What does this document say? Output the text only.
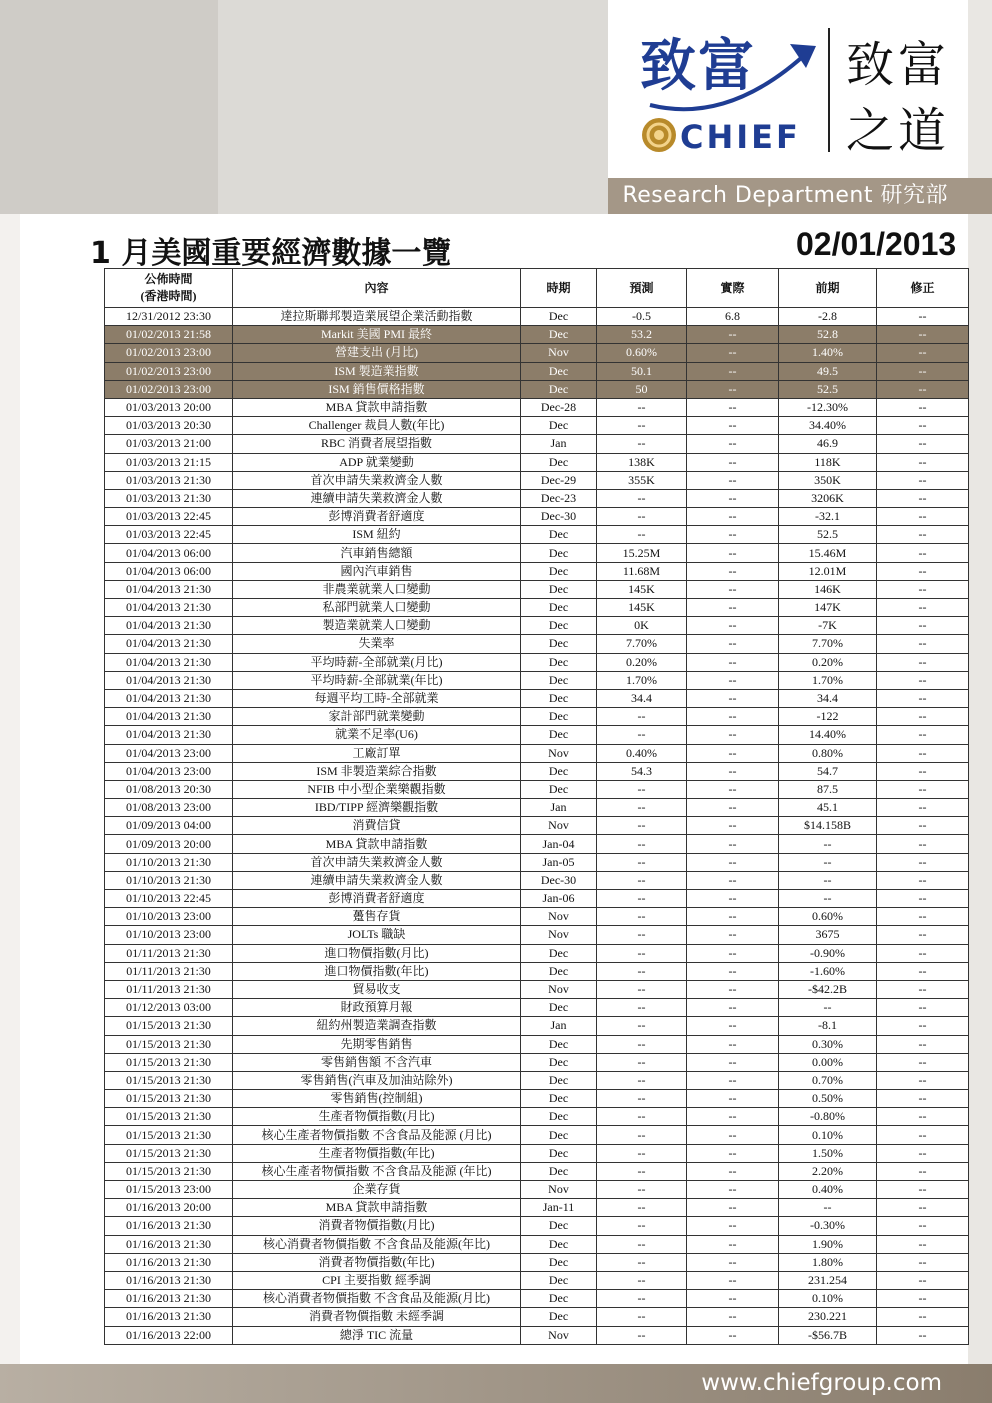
致富
CHIEF
致富
之道
Research Department 研究部
1 月美國重要經濟數據一覽	02/01/2013
公佈時間
(香港時間)	內容	時期	預測	實際	前期	修正
12/31/2012 23:30	達拉斯聯邦製造業展望企業活動指數	Dec	-0.5	6.8	-2.8	--
01/02/2013 21:58	Markit 美國 PMI 最終	Dec	53.2	--	52.8	--
01/02/2013 23:00	營建支出 (月比)	Nov	0.60%	--	1.40%	--
01/02/2013 23:00	ISM 製造業指數	Dec	50.1	--	49.5	--
01/02/2013 23:00	ISM 銷售價格指數	Dec	50	--	52.5	--
01/03/2013 20:00	MBA 貸款申請指數	Dec-28	--	--	-12.30%	--
01/03/2013 20:30	Challenger 裁員人數(年比)	Dec	--	--	34.40%	--
01/03/2013 21:00	RBC 消費者展望指數	Jan	--	--	46.9	--
01/03/2013 21:15	ADP 就業變動	Dec	138K	--	118K	--
01/03/2013 21:30	首次申請失業救濟金人數	Dec-29	355K	--	350K	--
01/03/2013 21:30	連續申請失業救濟金人數	Dec-23	--	--	3206K	--
01/03/2013 22:45	彭博消費者舒適度	Dec-30	--	--	-32.1	--
01/03/2013 22:45	ISM 紐約	Dec	--	--	52.5	--
01/04/2013 06:00	汽車銷售總額	Dec	15.25M	--	15.46M	--
01/04/2013 06:00	國內汽車銷售	Dec	11.68M	--	12.01M	--
01/04/2013 21:30	非農業就業人口變動	Dec	145K	--	146K	--
01/04/2013 21:30	私部門就業人口變動	Dec	145K	--	147K	--
01/04/2013 21:30	製造業就業人口變動	Dec	0K	--	-7K	--
01/04/2013 21:30	失業率	Dec	7.70%	--	7.70%	--
01/04/2013 21:30	平均時薪-全部就業(月比)	Dec	0.20%	--	0.20%	--
01/04/2013 21:30	平均時薪-全部就業(年比)	Dec	1.70%	--	1.70%	--
01/04/2013 21:30	每週平均工時-全部就業	Dec	34.4	--	34.4	--
01/04/2013 21:30	家計部門就業變動	Dec	--	--	-122	--
01/04/2013 21:30	就業不足率(U6)	Dec	--	--	14.40%	--
01/04/2013 23:00	工廠訂單	Nov	0.40%	--	0.80%	--
01/04/2013 23:00	ISM 非製造業綜合指數	Dec	54.3	--	54.7	--
01/08/2013 20:30	NFIB 中小型企業樂觀指數	Dec	--	--	87.5	--
01/08/2013 23:00	IBD/TIPP 經濟樂觀指數	Jan	--	--	45.1	--
01/09/2013 04:00	消費信貸	Nov	--	--	$14.158B	--
01/09/2013 20:00	MBA 貸款申請指數	Jan-04	--	--	--	--
01/10/2013 21:30	首次申請失業救濟金人數	Jan-05	--	--	--	--
01/10/2013 21:30	連續申請失業救濟金人數	Dec-30	--	--	--	--
01/10/2013 22:45	彭博消費者舒適度	Jan-06	--	--	--	--
01/10/2013 23:00	躉售存貨	Nov	--	--	0.60%	--
01/10/2013 23:00	JOLTs 職缺	Nov	--	--	3675	--
01/11/2013 21:30	進口物價指數(月比)	Dec	--	--	-0.90%	--
01/11/2013 21:30	進口物價指數(年比)	Dec	--	--	-1.60%	--
01/11/2013 21:30	貿易收支	Nov	--	--	-$42.2B	--
01/12/2013 03:00	財政預算月報	Dec	--	--	--	--
01/15/2013 21:30	紐約州製造業調查指數	Jan	--	--	-8.1	--
01/15/2013 21:30	先期零售銷售	Dec	--	--	0.30%	--
01/15/2013 21:30	零售銷售額 不含汽車	Dec	--	--	0.00%	--
01/15/2013 21:30	零售銷售(汽車及加油站除外)	Dec	--	--	0.70%	--
01/15/2013 21:30	零售銷售(控制組)	Dec	--	--	0.50%	--
01/15/2013 21:30	生產者物價指數(月比)	Dec	--	--	-0.80%	--
01/15/2013 21:30	核心生產者物價指數 不含食品及能源 (月比)	Dec	--	--	0.10%	--
01/15/2013 21:30	生產者物價指數(年比)	Dec	--	--	1.50%	--
01/15/2013 21:30	核心生產者物價指數 不含食品及能源 (年比)	Dec	--	--	2.20%	--
01/15/2013 23:00	企業存貨	Nov	--	--	0.40%	--
01/16/2013 20:00	MBA 貸款申請指數	Jan-11	--	--	--	--
01/16/2013 21:30	消費者物價指數(月比)	Dec	--	--	-0.30%	--
01/16/2013 21:30	核心消費者物價指數 不含食品及能源(年比)	Dec	--	--	1.90%	--
01/16/2013 21:30	消費者物價指數(年比)	Dec	--	--	1.80%	--
01/16/2013 21:30	CPI 主要指數 經季調	Dec	--	--	231.254	--
01/16/2013 21:30	核心消費者物價指數 不含食品及能源(月比)	Dec	--	--	0.10%	--
01/16/2013 21:30	消費者物價指數 未經季調	Dec	--	--	230.221	--
01/16/2013 22:00	總淨 TIC 流量	Nov	--	--	-$56.7B	--
www.chiefgroup.com
